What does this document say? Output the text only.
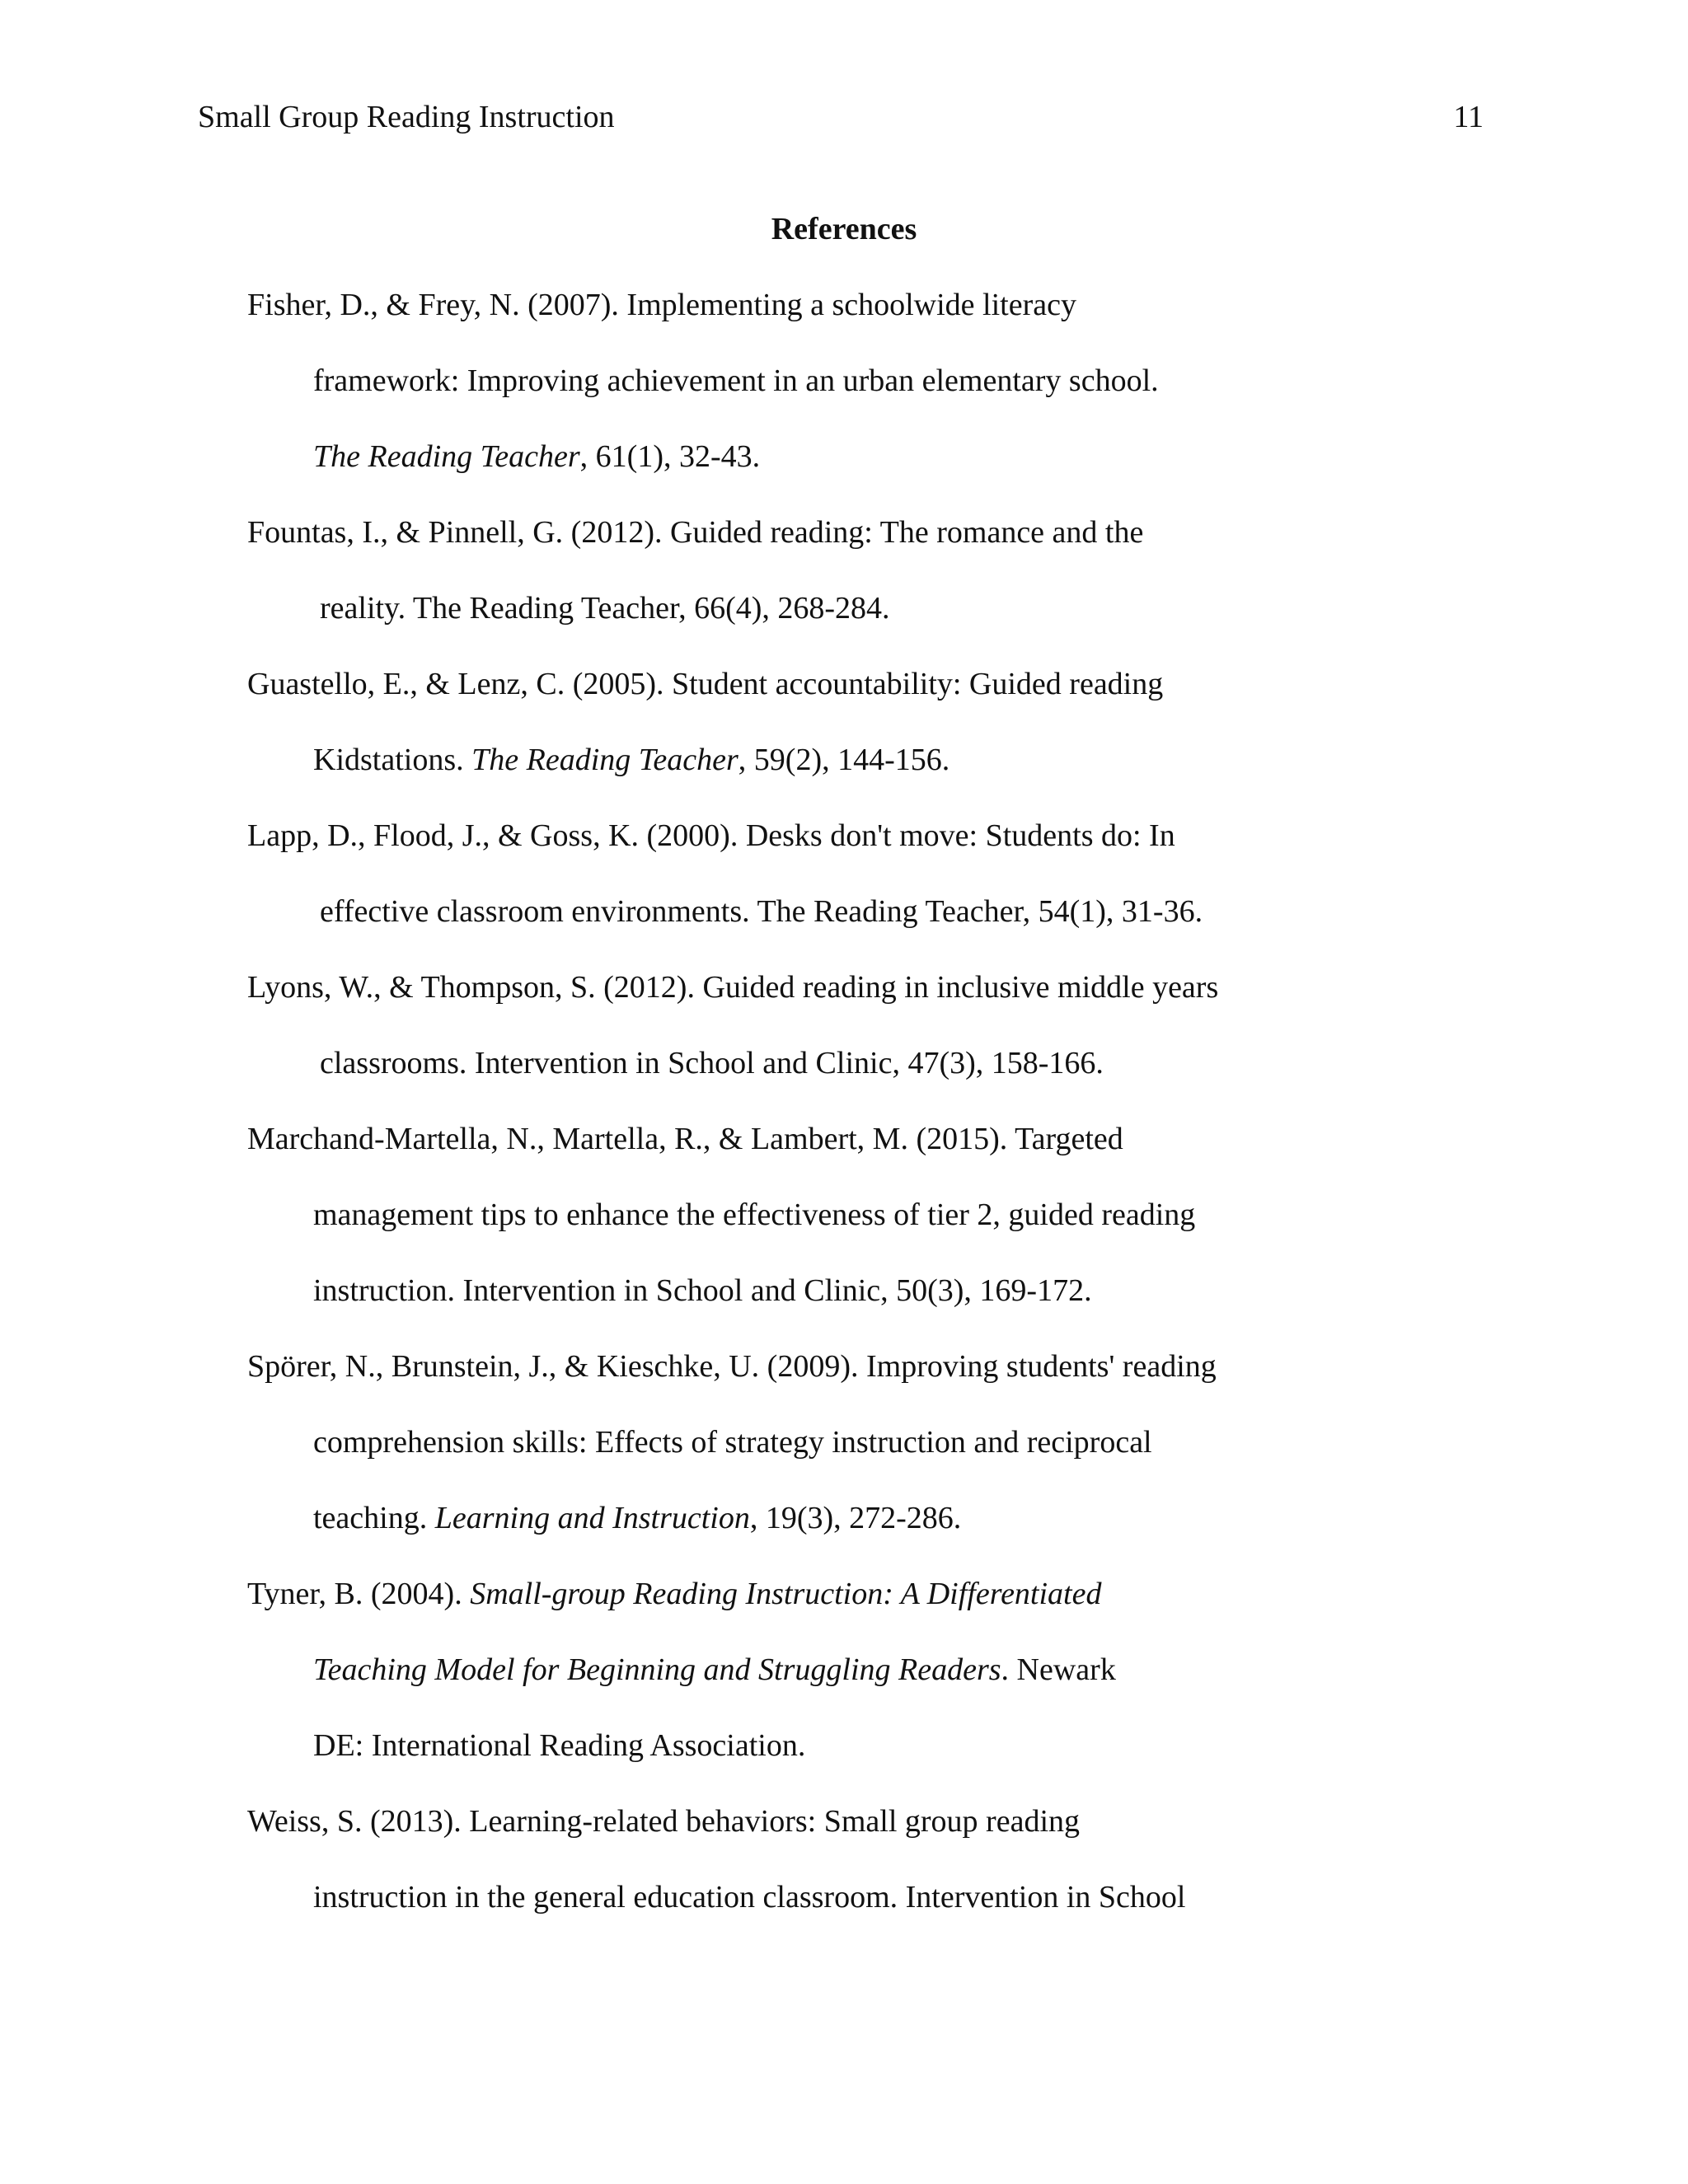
Small Group Reading Instruction	11
References
Fisher, D., & Frey, N. (2007). Implementing a schoolwide literacy
framework: Improving achievement in an urban elementary school.
The Reading Teacher, 61(1), 32-43.
Fountas, I., & Pinnell, G. (2012). Guided reading: The romance and the
reality. The Reading Teacher, 66(4), 268-284.
Guastello, E., & Lenz, C. (2005). Student accountability: Guided reading
Kidstations. The Reading Teacher, 59(2), 144-156.
Lapp, D., Flood, J., & Goss, K. (2000). Desks don't move: Students do: In
effective classroom environments. The Reading Teacher, 54(1), 31-36.
Lyons, W., & Thompson, S. (2012). Guided reading in inclusive middle years
classrooms. Intervention in School and Clinic, 47(3), 158-166.
Marchand-Martella, N., Martella, R., & Lambert, M. (2015). Targeted
management tips to enhance the effectiveness of tier 2, guided reading
instruction. Intervention in School and Clinic, 50(3), 169-172.
Spörer, N., Brunstein, J., & Kieschke, U. (2009). Improving students' reading
comprehension skills: Effects of strategy instruction and reciprocal
teaching. Learning and Instruction, 19(3), 272-286.
Tyner, B. (2004). Small-group Reading Instruction: A Differentiated
Teaching Model for Beginning and Struggling Readers. Newark
DE: International Reading Association.
Weiss, S. (2013). Learning-related behaviors: Small group reading
instruction in the general education classroom. Intervention in School
